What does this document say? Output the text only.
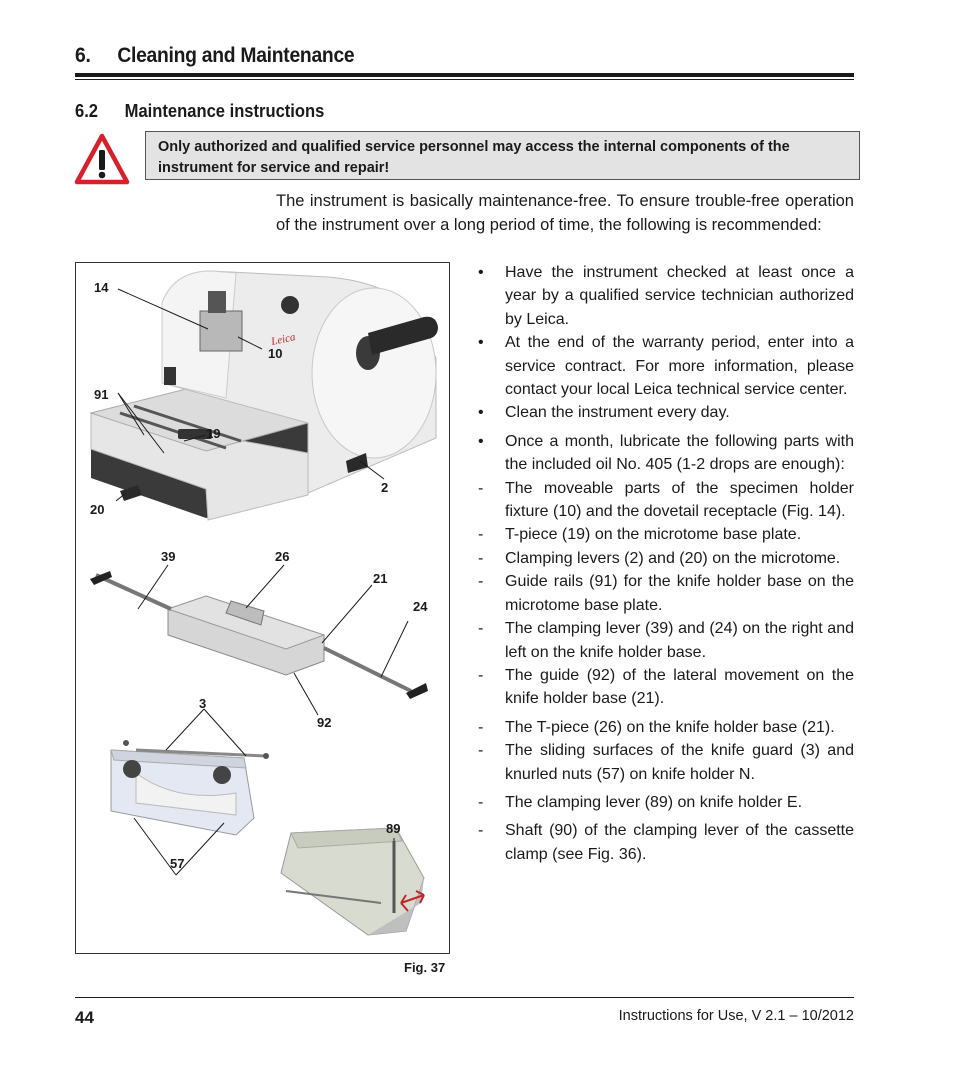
6. Cleaning and Maintenance
6.2 Maintenance instructions
Only authorized and qualified service personnel may access the internal components of the instrument for service and repair!
The instrument is basically maintenance-free. To ensure trouble-free operation of the instrument over a long period of time, the following is recommended:
Leica
14
10
91
19
2
20
39	26
21
24
92
3
89
57
Fig. 37
•	Have the instrument checked at least once a year by a qualified service technician authorized by Leica.
•	At the end of the warranty period, enter into a service contract. For more information, please contact your local Leica technical service center.
•	Clean the instrument every day.
•	Once a month, lubricate the following parts with the included oil No. 405 (1-2 drops are enough):
-	The moveable parts of the specimen holder fixture (10) and the dovetail receptacle (Fig. 14).
-	T-piece (19) on the microtome base plate.
-	Clamping levers (2) and (20) on the microtome.
-	Guide rails (91) for the knife holder base on the microtome base plate.
-	The clamping lever (39) and (24) on the right and left on the knife holder base.
-	The guide (92) of the lateral movement on the knife holder base (21).
-	The T-piece (26) on the knife holder base (21).
-	The sliding surfaces of the knife guard (3) and knurled nuts (57) on knife holder N.
-	The clamping lever (89) on knife holder E.
-	Shaft (90) of the clamping lever of the cassette clamp (see Fig. 36).
44	Instructions for Use, V 2.1 – 10/2012
